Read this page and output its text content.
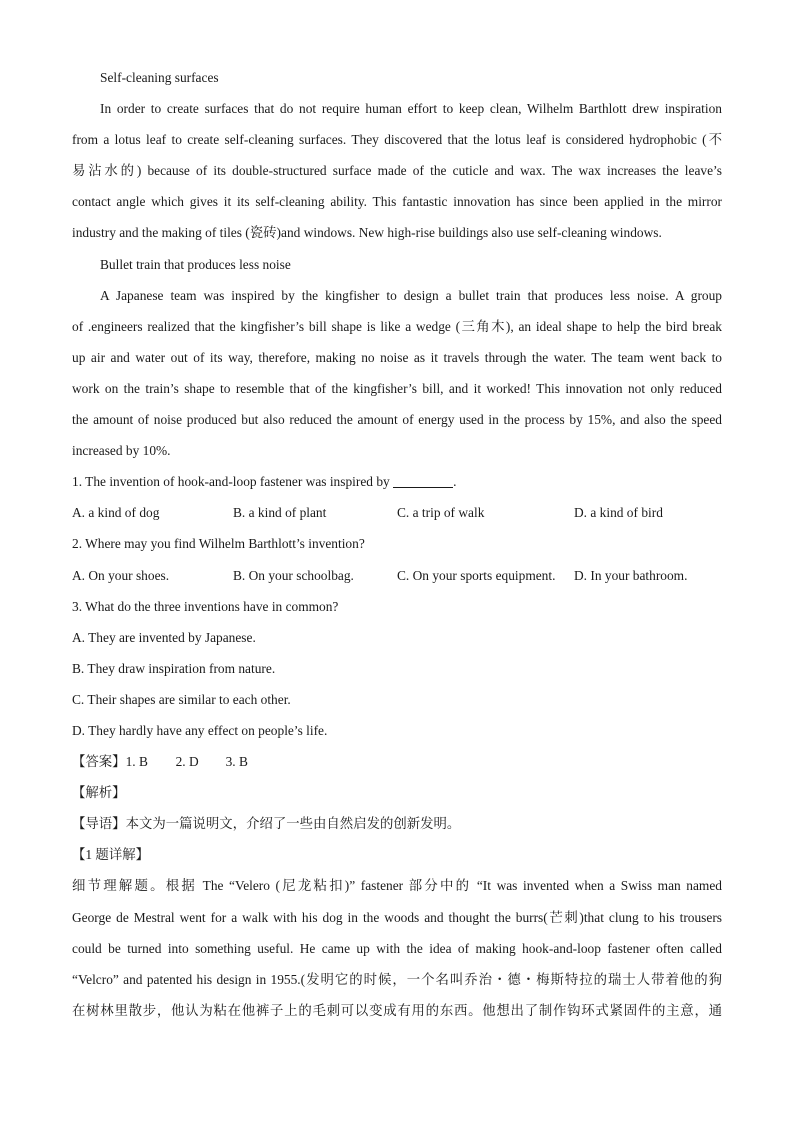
Self-cleaning surfaces
In order to create surfaces that do not require human effort to keep clean, Wilhelm Barthlott drew inspiration
from a lotus leaf to create self-cleaning surfaces. They discovered that the lotus leaf is considered hydrophobic (不
易沾水的) because of its double-structured surface made of the cuticle and wax. The wax increases the leave’s
contact angle which gives it its self-cleaning ability. This fantastic innovation has since been applied in the mirror
industry and the making of tiles (瓷砖)and windows. New high-rise buildings also use self-cleaning windows.
Bullet train that produces less noise
A Japanese team was inspired by the kingfisher to design a bullet train that produces less noise. A group
of .engineers realized that the kingfisher’s bill shape is like a wedge (三角木), an ideal shape to help the bird break
up air and water out of its way, therefore, making no noise as it travels through the water. The team went back to
work on the train’s shape to resemble that of the kingfisher’s bill, and it worked! This innovation not only reduced
the amount of noise produced but also reduced the amount of energy used in the process by 15%, and also the speed
increased by 10%.
1. The invention of hook-and-loop fastener was inspired by	.
A. a kind of dog	B. a kind of plant	C. a trip of walk	D. a kind of bird
2. Where may you find Wilhelm Barthlott’s invention?
A. On your shoes.	B. On your schoolbag.	C. On your sports equipment.	D. In your bathroom.
3. What do the three inventions have in common?
A. They are invented by Japanese.
B. They draw inspiration from nature.
C. Their shapes are similar to each other.
D. They hardly have any effect on people’s life.
【答案】1. B 2. D 3. B
【解析】
【导语】本文为一篇说明文，介绍了一些由自然启发的创新发明。
【1 题详解】
细节理解题。根据 The “Velero (尼龙粘扣)” fastener 部分中的 “It was invented when a Swiss man named
George de Mestral went for a walk with his dog in the woods and thought the burrs(芒刺)that clung to his trousers
could be turned into something useful. He came up with the idea of making hook-and-loop fastener often called
“Velcro” and patented his design in 1955.(发明它的时候，一个名叫乔治・德・梅斯特拉的瑞士人带着他的狗
在树林里散步，他认为粘在他裤子上的毛刺可以变成有用的东西。他想出了制作钩环式紧固件的主意，通
